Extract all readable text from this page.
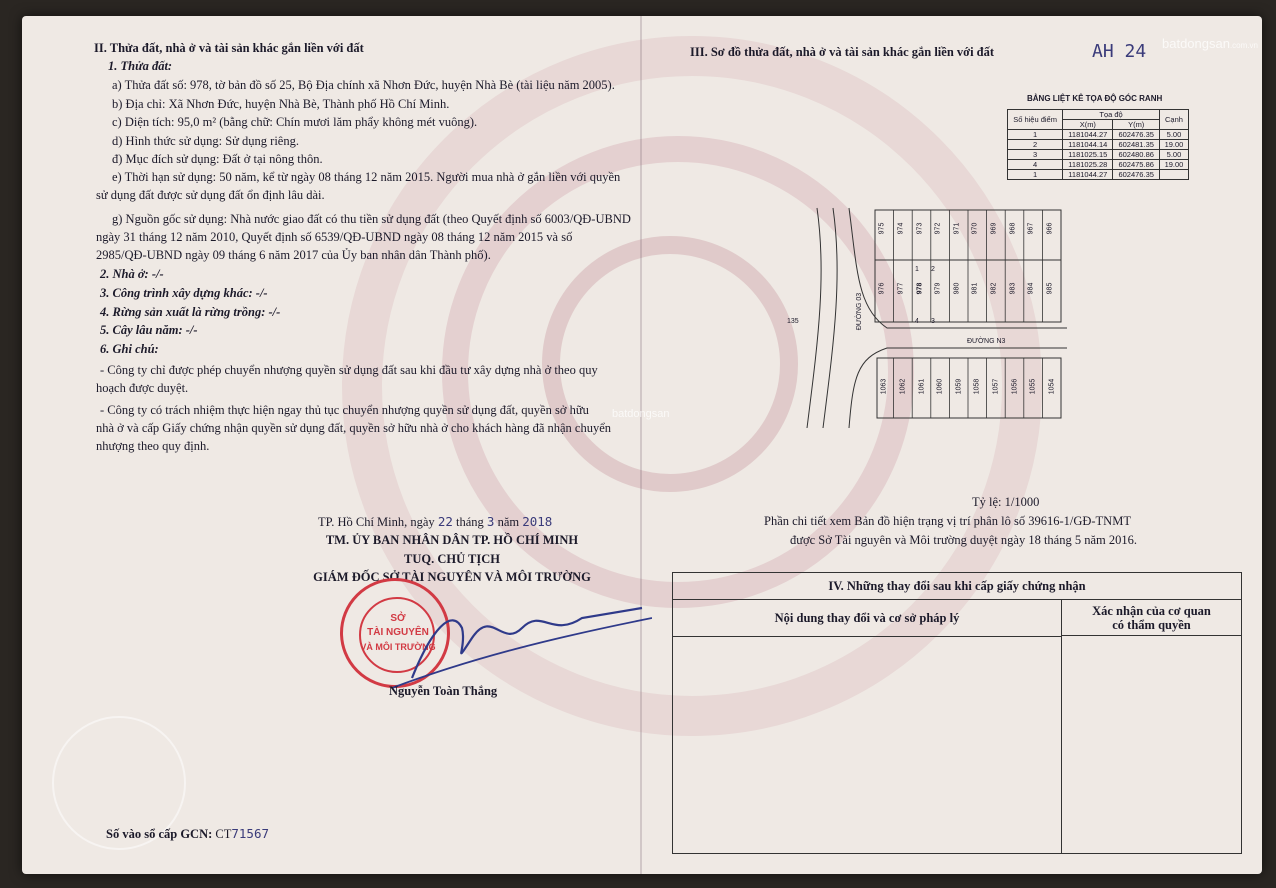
II. Thửa đất, nhà ở và tài sản khác gắn liền với đất
1. Thửa đất:
a) Thửa đất số: 978, tờ bản đồ số 25, Bộ Địa chính xã Nhơn Đức, huyện Nhà Bè (tài liệu năm 2005).
b) Địa chỉ: Xã Nhơn Đức, huyện Nhà Bè, Thành phố Hồ Chí Minh.
c) Diện tích: 95,0 m² (bằng chữ: Chín mươi lăm phẩy không mét vuông).
d) Hình thức sử dụng: Sử dụng riêng.
đ) Mục đích sử dụng: Đất ở tại nông thôn.
e) Thời hạn sử dụng: 50 năm, kể từ ngày 08 tháng 12 năm 2015. Người mua nhà ở gắn liền với quyền
sử dụng đất được sử dụng đất ổn định lâu dài.
g) Nguồn gốc sử dụng: Nhà nước giao đất có thu tiền sử dụng đất (theo Quyết định số 6003/QĐ-UBND
ngày 31 tháng 12 năm 2010, Quyết định số 6539/QĐ-UBND ngày 08 tháng 12 năm 2015 và số
2985/QĐ-UBND ngày 09 tháng 6 năm 2017 của Ủy ban nhân dân Thành phố).
2. Nhà ở: -/-
3. Công trình xây dựng khác: -/-
4. Rừng sản xuất là rừng trồng: -/-
5. Cây lâu năm: -/-
6. Ghi chú:
- Công ty chỉ được phép chuyển nhượng quyền sử dụng đất sau khi đầu tư xây dựng nhà ở theo quy
hoạch được duyệt.
- Công ty có trách nhiệm thực hiện ngay thủ tục chuyển nhượng quyền sử dụng đất, quyền sở hữu
nhà ở và cấp Giấy chứng nhận quyền sử dụng đất, quyền sở hữu nhà ở cho khách hàng đã nhận chuyển
nhượng theo quy định.
TP. Hồ Chí Minh, ngày 22 tháng 3 năm 2018
TM. ỦY BAN NHÂN DÂN TP. HỒ CHÍ MINH
TUQ. CHỦ TỊCH
GIÁM ĐỐC SỞ TÀI NGUYÊN VÀ MÔI TRƯỜNG
SỞ
TÀI NGUYÊN
VÀ MÔI TRƯỜNG
Nguyễn Toàn Thắng
Số vào sổ cấp GCN: CT71567
III. Sơ đồ thửa đất, nhà ở và tài sản khác gắn liền với đất	AH 24 batdongsan.com.vn
BẢNG LIỆT KÊ TỌA ĐỘ GÓC RANH
Số hiệu điểm	Tọa độ		Cạnh
	X(m)	Y(m)	
1	1181044.27	602476.35	5.00
2	1181044.14	602481.35	19.00
3	1181025.15	602480.86	5.00
4	1181025.28	602475.86	19.00
1	1181044.27	602476.35	
975 974 973 972 971 970 969 968 967 966
976 977 978 979 980 981 982 983 984 985
1063 1062 1061 1060 1059 1058 1057 1056 1055 1054
ĐƯỜNG 03
ĐƯỜNG N3
135
1 2
4 3
Tỷ lệ: 1/1000
Phần chi tiết xem Bản đồ hiện trạng vị trí phân lô số 39616-1/GĐ-TNMT
được Sở Tài nguyên và Môi trường duyệt ngày 18 tháng 5 năm 2016.
IV. Những thay đổi sau khi cấp giấy chứng nhận
Nội dung thay đổi và cơ sở pháp lý	Xác nhận của cơ quan
có thẩm quyền
batdongsan
